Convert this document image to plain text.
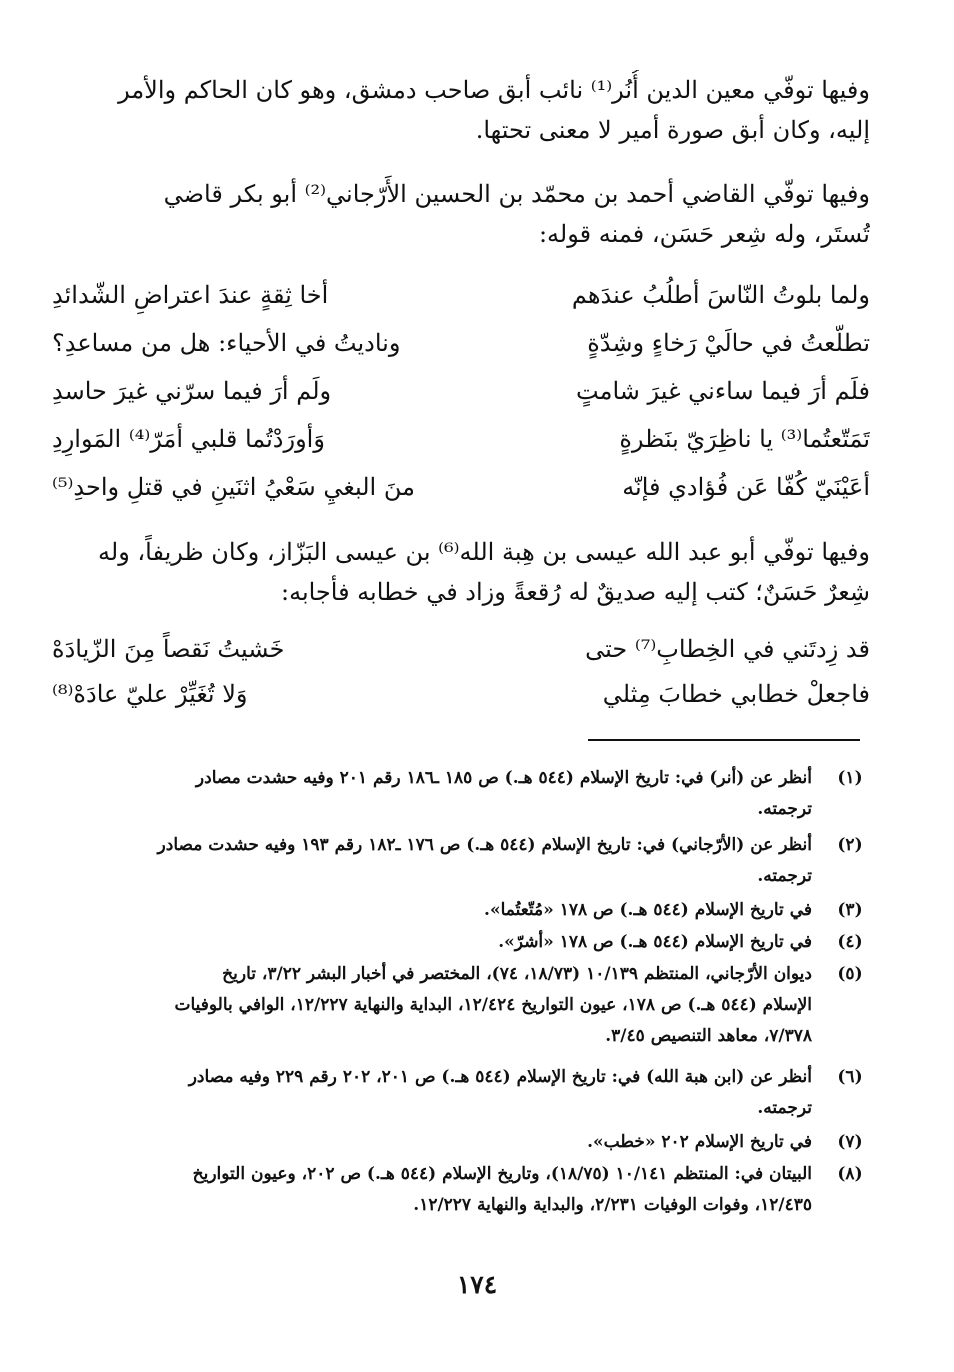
وفيها توفّي معين الدين أُنُر⁽¹⁾ نائب أبق صاحب دمشق، وهو كان الحاكم والأمر
إليه، وكان أبق صورة أمير لا معنى تحتها.
وفيها توفّي القاضي أحمد بن محمّد بن الحسين الأَرّجاني⁽²⁾ أبو بكر قاضي
تُستَر، وله شِعر حَسَن، فمنه قوله:
ولما بلوتُ النّاسَ أطلُبُ عندَهم
أخا ثِقةٍ عندَ اعتراضِ الشّدائدِ
تطلّعتُ في حالَيْ رَخاءٍ وشِدّةٍ
وناديتُ في الأحياء: هل من مساعدِ؟
فلَم أرَ فيما ساءني غيرَ شامتٍ
ولَم أرَ فيما سرّني غيرَ حاسدِ
تَمَتّعتُما⁽³⁾ يا ناظِرَيّ بنَظرةٍ
وَأورَدْتُما قلبي أمَرّ⁽⁴⁾ المَوارِدِ
أعَيْنَيّ كُفّا عَن فُؤادي فإنّه
منَ البغيِ سَعْيُ اثنَينِ في قتلِ واحدِ⁽⁵⁾
وفيها توفّي أبو عبد الله عيسى بن هِبة الله⁽⁶⁾ بن عيسى البَزّاز، وكان ظريفاً، وله
شِعرٌ حَسَنٌ؛ كتب إليه صديقٌ له رُقعةً وزاد في خطابه فأجابه:
قد زِدتَني في الخِطابِ⁽⁷⁾ حتى
خَشيتُ نَقصاً مِنَ الزّيادَهْ
فاجعلْ خطابي خطابَ مِثلي
وَلا تُغَيِّرْ عليّ عادَهْ⁽⁸⁾
(١)
أنظر عن (أنر) في: تاريخ الإسلام (٥٤٤ هـ.) ص ١٨٥ ـ١٨٦ رقم ٢٠١ وفيه حشدت مصادر
ترجمته.
(٢)
أنظر عن (الأرّجاني) في: تاريخ الإسلام (٥٤٤ هـ.) ص ١٧٦ ـ١٨٢ رقم ١٩٣ وفيه حشدت مصادر
ترجمته.
(٣)
في تاريخ الإسلام (٥٤٤ هـ.) ص ١٧٨ «مُتّعتُما».
(٤)
في تاريخ الإسلام (٥٤٤ هـ.) ص ١٧٨ «أشرّ».
(٥)
ديوان الأرّجاني، المنتظم ١٠/١٣٩ (١٨/٧٣، ٧٤)، المختصر في أخبار البشر ٣/٢٢، تاريخ
الإسلام (٥٤٤ هـ.) ص ١٧٨، عيون التواريخ ١٢/٤٢٤، البداية والنهاية ١٢/٢٢٧، الوافي بالوفيات
٧/٣٧٨، معاهد التنصيص ٣/٤٥.
(٦)
أنظر عن (ابن هبة الله) في: تاريخ الإسلام (٥٤٤ هـ.) ص ٢٠١، ٢٠٢ رقم ٢٢٩ وفيه مصادر
ترجمته.
(٧)
في تاريخ الإسلام ٢٠٢ «خطب».
(٨)
البيتان في: المنتظم ١٠/١٤١ (١٨/٧٥)، وتاريخ الإسلام (٥٤٤ هـ.) ص ٢٠٢، وعيون التواريخ
١٢/٤٣٥، وفوات الوفيات ٢/٢٣١، والبداية والنهاية ١٢/٢٢٧.
١٧٤
